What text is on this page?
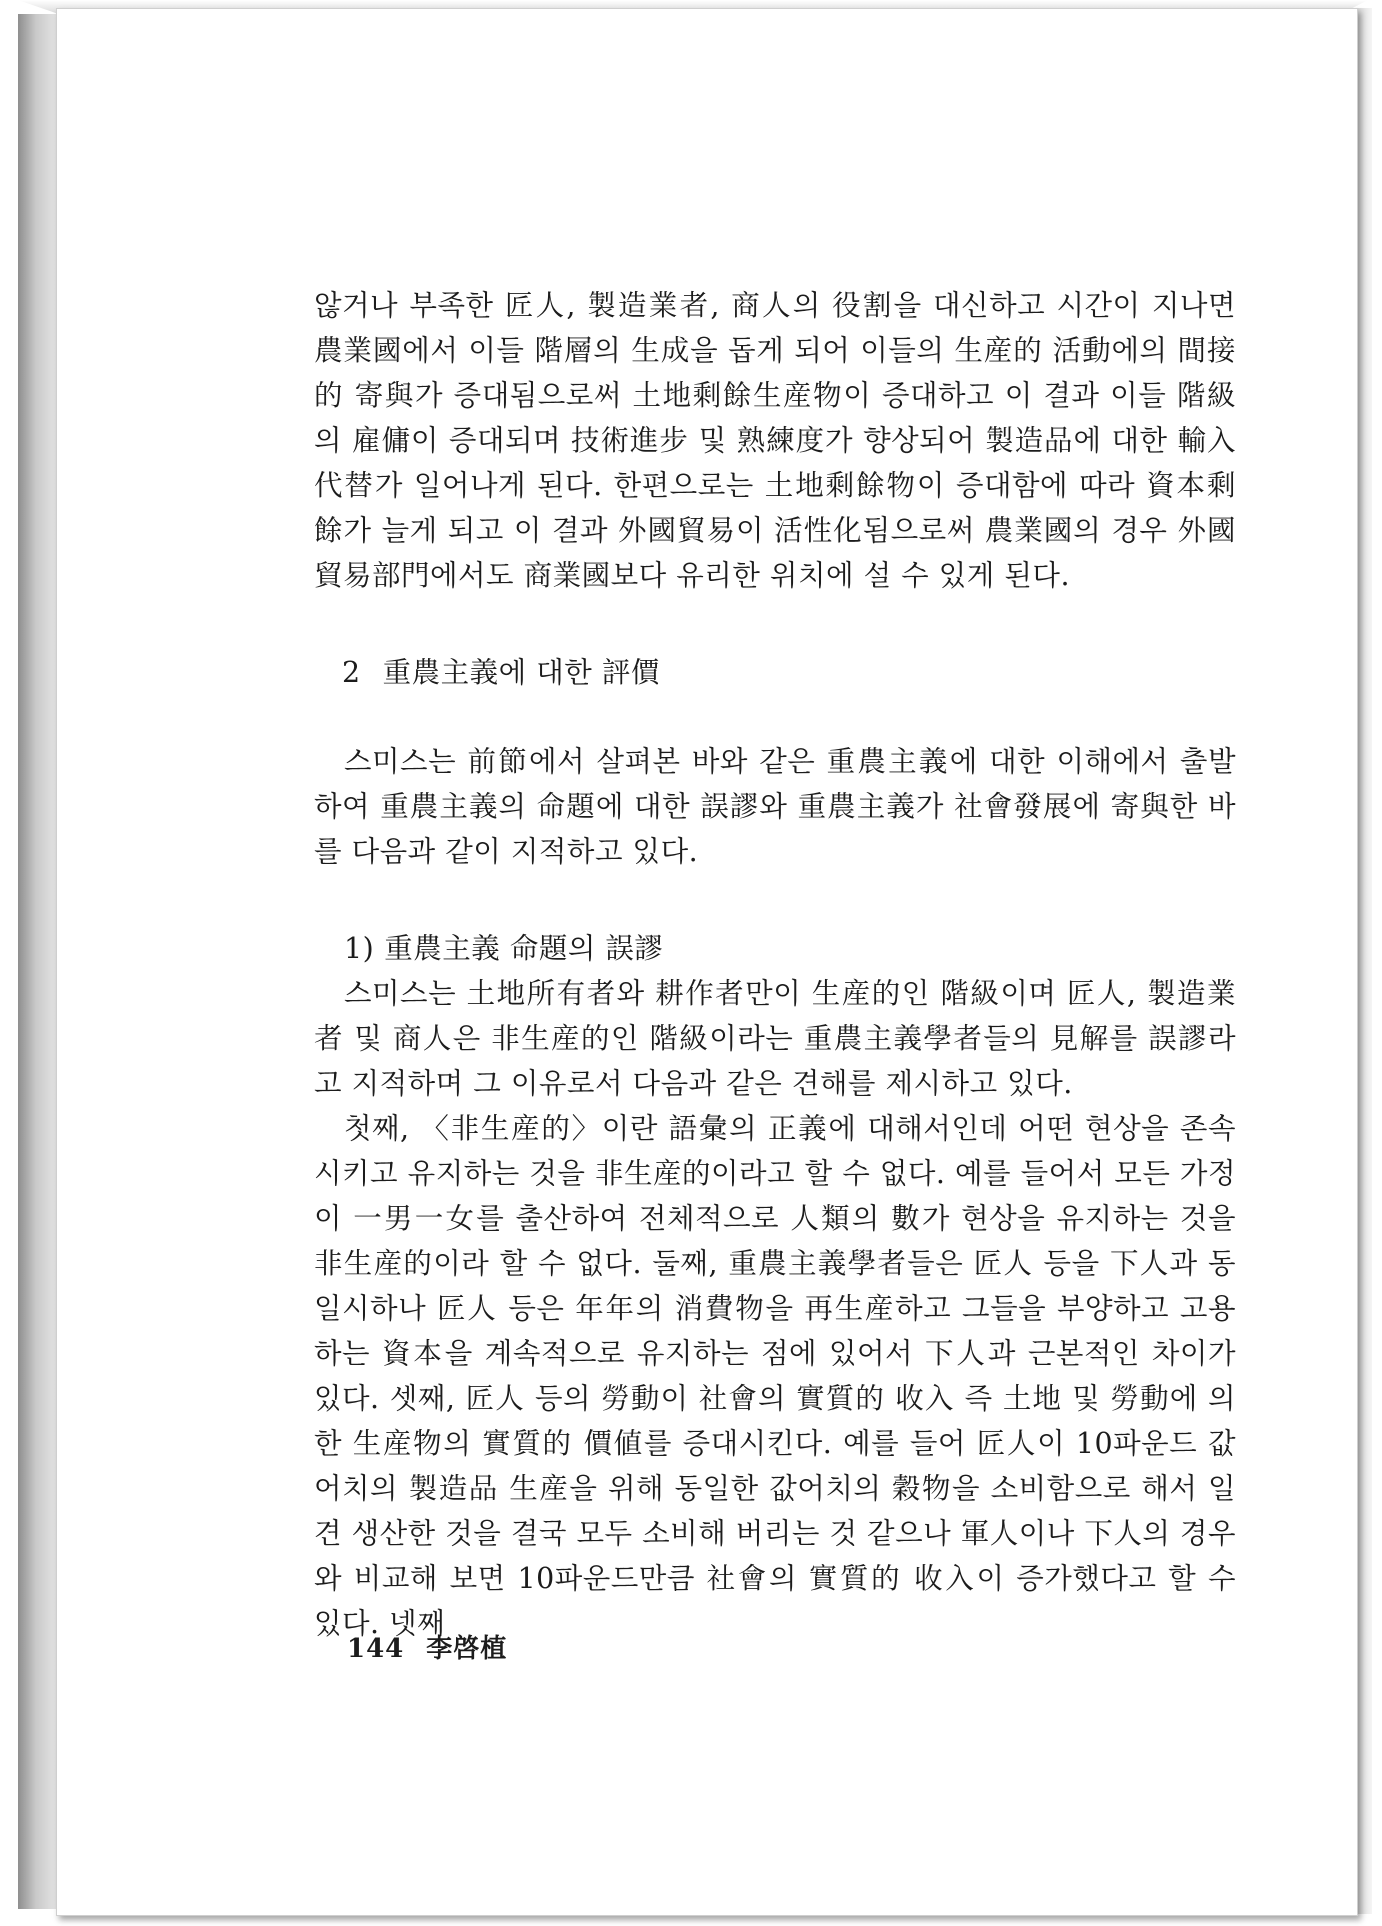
않거나 부족한 匠人, 製造業者, 商人의 役割을 대신하고 시간이 지나면 農業國에서 이들 階層의 生成을 돕게 되어 이들의 生産的 活動에의 間接的 寄與가 증대됨으로써 土地剩餘生産物이 증대하고 이 결과 이들 階級의 雇傭이 증대되며 技術進步 및 熟練度가 향상되어 製造品에 대한 輸入代替가 일어나게 된다. 한편으로는 土地剩餘物이 증대함에 따라 資本剩餘가 늘게 되고 이 결과 外國貿易이 活性化됨으로써 農業國의 경우 外國貿易部門에서도 商業國보다 유리한 위치에 설 수 있게 된다.

2 重農主義에 대한 評價

스미스는 前節에서 살펴본 바와 같은 重農主義에 대한 이해에서 출발하여 重農主義의 命題에 대한 誤謬와 重農主義가 社會發展에 寄與한 바를 다음과 같이 지적하고 있다.

1) 重農主義 命題의 誤謬

스미스는 土地所有者와 耕作者만이 生産的인 階級이며 匠人, 製造業者 및 商人은 非生産的인 階級이라는 重農主義學者들의 見解를 誤謬라고 지적하며 그 이유로서 다음과 같은 견해를 제시하고 있다.

첫째, 〈非生産的〉이란 語彙의 正義에 대해서인데 어떤 현상을 존속시키고 유지하는 것을 非生産的이라고 할 수 없다. 예를 들어서 모든 가정이 一男一女를 출산하여 전체적으로 人類의 數가 현상을 유지하는 것을 非生産的이라 할 수 없다. 둘째, 重農主義學者들은 匠人 등을 下人과 동일시하나 匠人 등은 年年의 消費物을 再生産하고 그들을 부양하고 고용하는 資本을 계속적으로 유지하는 점에 있어서 下人과 근본적인 차이가 있다. 셋째, 匠人 등의 勞動이 社會의 實質的 收入 즉 土地 및 勞動에 의한 生産物의 實質的 價値를 증대시킨다. 예를 들어 匠人이 10파운드 값어치의 製造品 生産을 위해 동일한 값어치의 穀物을 소비함으로 해서 일견 생산한 것을 결국 모두 소비해 버리는 것 같으나 軍人이나 下人의 경우와 비교해 보면 10파운드만큼 社會의 實質的 收入이 증가했다고 할 수 있다. 넷째

144 李啓植
